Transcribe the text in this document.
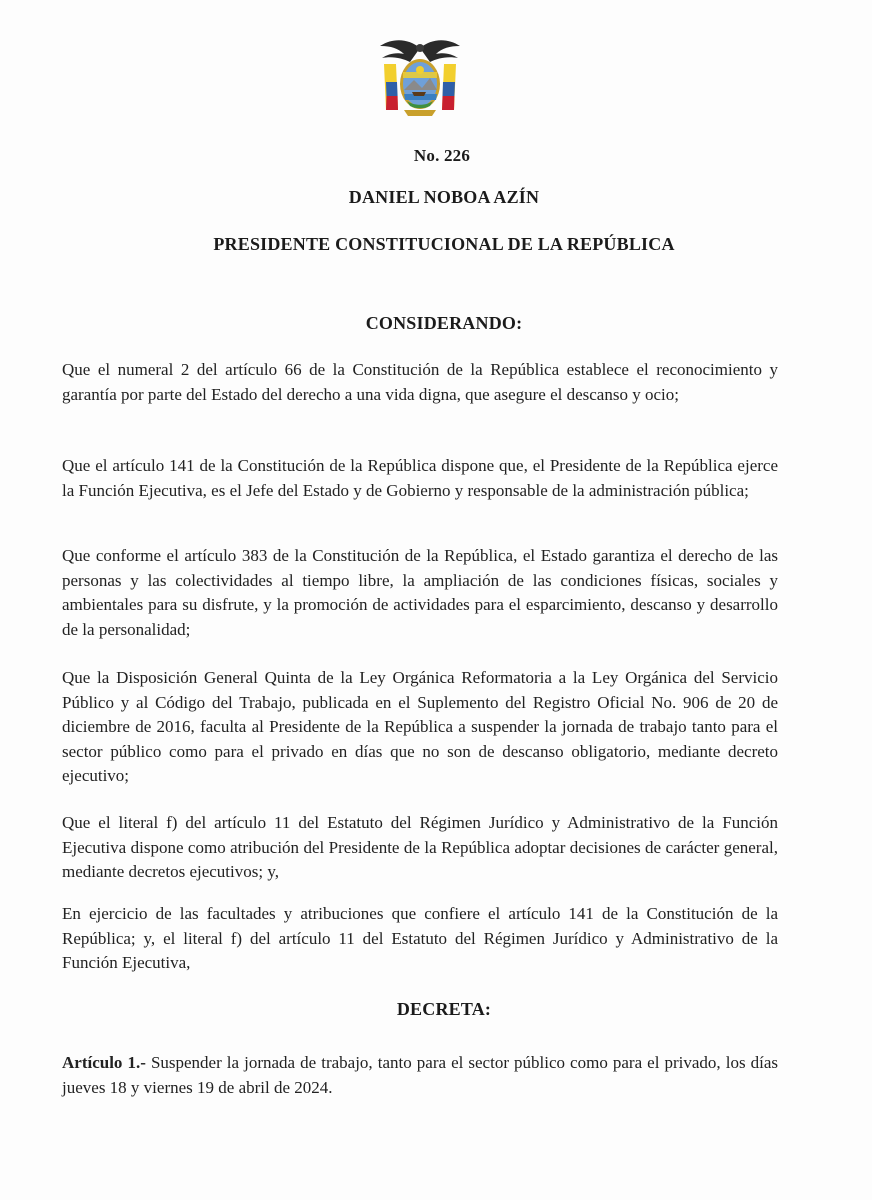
No. 226
DANIEL NOBOA AZÍN
PRESIDENTE CONSTITUCIONAL DE LA REPÚBLICA
CONSIDERANDO:
Que el numeral 2 del artículo 66 de la Constitución de la República establece el reconocimiento y garantía por parte del Estado del derecho a una vida digna, que asegure el descanso y ocio;
Que el artículo 141 de la Constitución de la República dispone que, el Presidente de la República ejerce la Función Ejecutiva, es el Jefe del Estado y de Gobierno y responsable de la administración pública;
Que conforme el artículo 383 de la Constitución de la República, el Estado garantiza el derecho de las personas y las colectividades al tiempo libre, la ampliación de las condiciones físicas, sociales y ambientales para su disfrute, y la promoción de actividades para el esparcimiento, descanso y desarrollo de la personalidad;
Que la Disposición General Quinta de la Ley Orgánica Reformatoria a la Ley Orgánica del Servicio Público y al Código del Trabajo, publicada en el Suplemento del Registro Oficial No. 906 de 20 de diciembre de 2016, faculta al Presidente de la República a suspender la jornada de trabajo tanto para el sector público como para el privado en días que no son de descanso obligatorio, mediante decreto ejecutivo;
Que el literal f) del artículo 11 del Estatuto del Régimen Jurídico y Administrativo de la Función Ejecutiva dispone como atribución del Presidente de la República adoptar decisiones de carácter general, mediante decretos ejecutivos; y,
En ejercicio de las facultades y atribuciones que confiere el artículo 141 de la Constitución de la República; y, el literal f) del artículo 11 del Estatuto del Régimen Jurídico y Administrativo de la Función Ejecutiva,
DECRETA:
Artículo 1.- Suspender la jornada de trabajo, tanto para el sector público como para el privado, los días jueves 18 y viernes 19 de abril de 2024.
